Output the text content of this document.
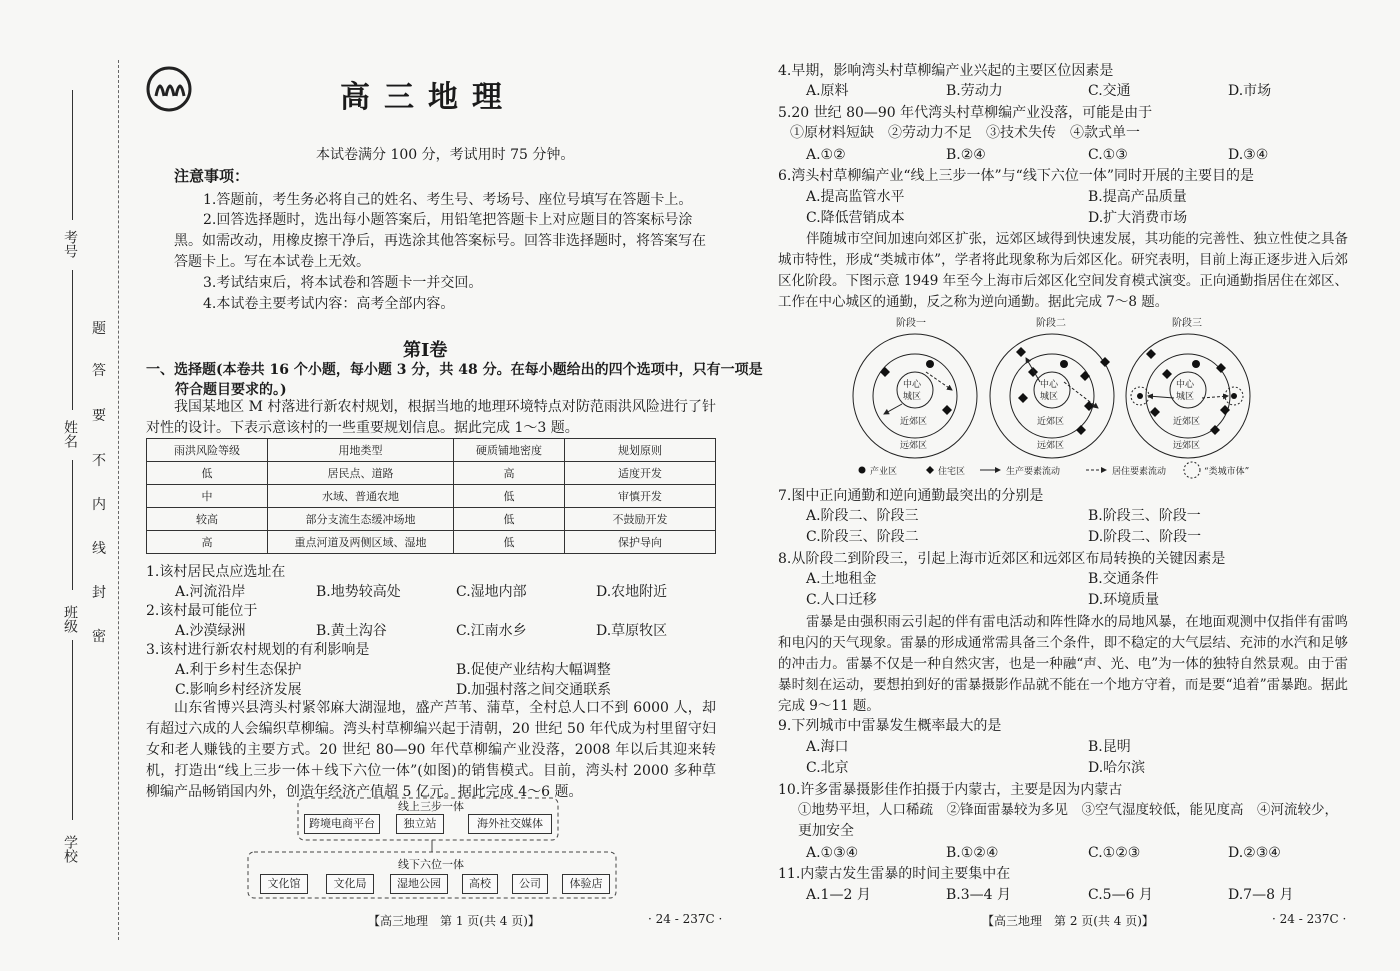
考号
姓名
班级
学校
题
答
要
不
内
线
封
密
高三地理
本试卷满分 100 分，考试用时 75 分钟。
注意事项：
1.答题前，考生务必将自己的姓名、考生号、考场号、座位号填写在答题卡上。
2.回答选择题时，选出每小题答案后，用铅笔把答题卡上对应题目的答案标号涂
黑。如需改动，用橡皮擦干净后，再选涂其他答案标号。回答非选择题时，将答案写在
答题卡上。写在本试卷上无效。
3.考试结束后，将本试卷和答题卡一并交回。
4.本试卷主要考试内容：高考全部内容。
第Ⅰ卷
一、选择题(本卷共 16 个小题，每小题 3 分，共 48 分。在每小题给出的四个选项中，只有一项是
符合题目要求的。)
我国某地区 M 村落进行新农村规划，根据当地的地理环境特点对防范雨洪风险进行了针对性的设计。下表示意该村的一些重要规划信息。据此完成 1～3 题。
雨洪风险等级	用地类型	硬质铺地密度	规划原则
低	居民点、道路	高	适度开发
中	水域、普通农地	低	审慎开发
较高	部分支流生态缓冲场地	低	不鼓励开发
高	重点河道及两侧区域、湿地	低	保护导向
1.该村居民点应选址在
A.河流沿岸	B.地势较高处	C.湿地内部	D.农地附近
2.该村最可能位于
A.沙漠绿洲	B.黄土沟谷	C.江南水乡	D.草原牧区
3.该村进行新农村规划的有利影响是
A.利于乡村生态保护	B.促使产业结构大幅调整
C.影响乡村经济发展	D.加强村落之间交通联系
山东省博兴县湾头村紧邻麻大湖湿地，盛产芦苇、蒲草，全村总人口不到 6000 人，却有超过六成的人会编织草柳编。湾头村草柳编兴起于清朝，20 世纪 50 年代成为村里留守妇女和老人赚钱的主要方式。20 世纪 80—90 年代草柳编产业没落，2008 年以后其迎来转机，打造出“线上三步一体＋线下六位一体”(如图)的销售模式。目前，湾头村 2000 多种草柳编产品畅销国内外，创造年经济产值超 5 亿元。据此完成 4～6 题。
线上三步一体
跨境电商平台	独立站	海外社交媒体
线下六位一体
文化馆	文化局	湿地公园	高校	公司	体验店
【高三地理　第 1 页(共 4 页)】	· 24 - 237C ·
4.早期，影响湾头村草柳编产业兴起的主要区位因素是
A.原料	B.劳动力	C.交通	D.市场
5.20 世纪 80—90 年代湾头村草柳编产业没落，可能是由于
①原材料短缺　②劳动力不足　③技术失传　④款式单一
A.①②	B.②④	C.①③	D.③④
6.湾头村草柳编产业“线上三步一体”与“线下六位一体”同时开展的主要目的是
A.提高监管水平	B.提高产品质量
C.降低营销成本	D.扩大消费市场
伴随城市空间加速向郊区扩张，远郊区域得到快速发展，其功能的完善性、独立性使之具备城市特性，形成“类城市体”，学者将此现象称为后郊区化。研究表明，目前上海正逐步进入后郊区化阶段。下图示意 1949 年至今上海市后郊区化空间发育模式演变。正向通勤指居住在郊区、工作在中心城区的通勤，反之称为逆向通勤。据此完成 7～8 题。
阶段一	阶段二	阶段三
中心
城区
中心
城区
中心
城区
近郊区	近郊区	近郊区
远郊区	远郊区	远郊区
产业区	住宅区	生产要素流动	居住要素流动	“类城市体”
7.图中正向通勤和逆向通勤最突出的分别是
A.阶段二、阶段三	B.阶段三、阶段一
C.阶段三、阶段二	D.阶段二、阶段一
8.从阶段二到阶段三，引起上海市近郊区和远郊区布局转换的关键因素是
A.土地租金	B.交通条件
C.人口迁移	D.环境质量
雷暴是由强积雨云引起的伴有雷电活动和阵性降水的局地风暴，在地面观测中仅指伴有雷鸣和电闪的天气现象。雷暴的形成通常需具备三个条件，即不稳定的大气层结、充沛的水汽和足够的冲击力。雷暴不仅是一种自然灾害，也是一种融“声、光、电”为一体的独特自然景观。由于雷暴时刻在运动，要想拍到好的雷暴摄影作品就不能在一个地方守着，而是要“追着”雷暴跑。据此完成 9～11 题。
9.下列城市中雷暴发生概率最大的是
A.海口	B.昆明
C.北京	D.哈尔滨
10.许多雷暴摄影佳作拍摄于内蒙古，主要是因为内蒙古
①地势平坦，人口稀疏　②锋面雷暴较为多见　③空气湿度较低，能见度高　④河流较少，
更加安全
A.①③④	B.①②④	C.①②③	D.②③④
11.内蒙古发生雷暴的时间主要集中在
A.1—2 月	B.3—4 月	C.5—6 月	D.7—8 月
【高三地理　第 2 页(共 4 页)】	· 24 - 237C ·
